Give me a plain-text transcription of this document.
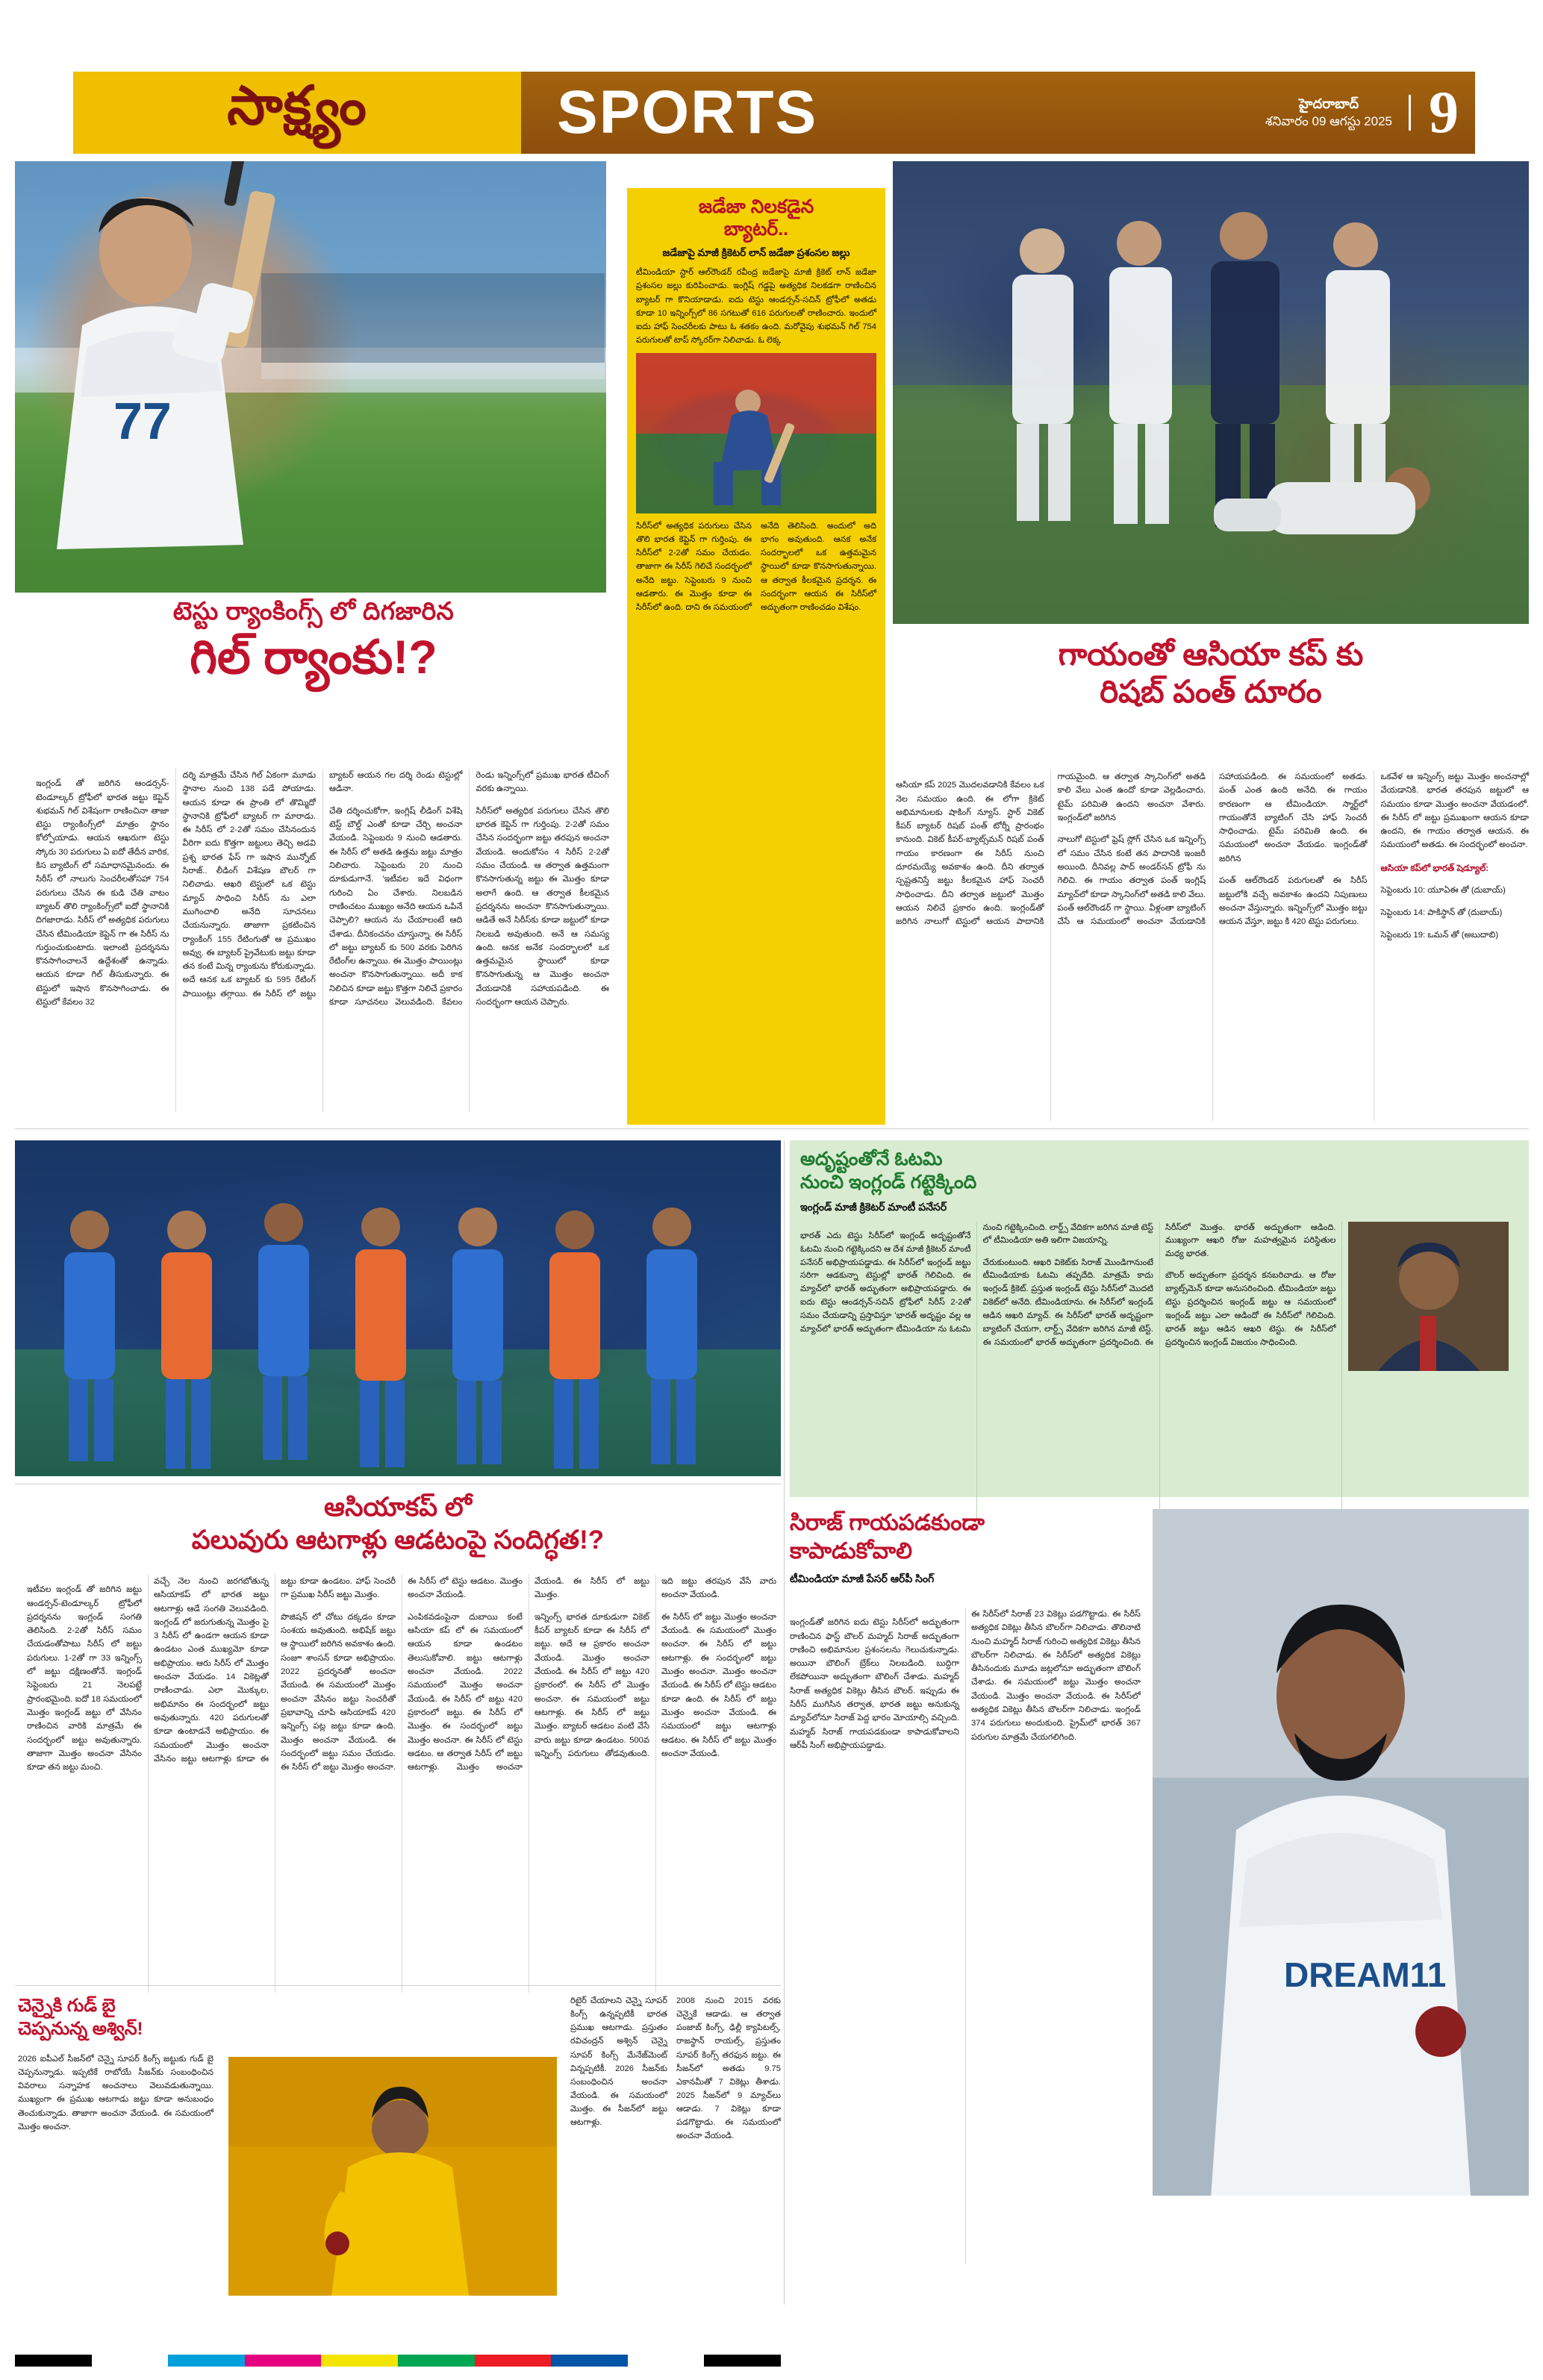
సాక్ష్యం	SPORTS	హైదరాబాద్
శనివారం 09 ఆగస్టు 2025 9
77
టెస్టు ర్యాంకింగ్స్ లో దిగజారిన
గిల్ ర్యాంకు!?

ఇంగ్లండ్ తో జరిగిన ఆండర్సన్-టెండూల్కర్ ట్రోఫీలో భారత జట్టు కెప్టెన్ శుభమన్ గిల్ విశేషంగా రాణించినా తాజా టెస్టు ర్యాంకింగ్స్‌లో మాత్రం స్థానం కోల్పోయాడు. ఆయన ఆఖరుగా టెస్టు స్కోరు 30 పరుగులు ఏ ఐదో తేదీన వారిక, కిస బ్యాటింగ్ లో సమాధానమైనందు. ఈ సిరీస్ లో నాలుగు సెంచరీలతోసహా 754 పరుగులు చేసిన ఈ కుడి చేతి వాటం బ్యాటర్ తొలి ర్యాంకింగ్స్‌లో ఐదో స్థానానికి దిగజారాడు. సిరీస్ లో అత్యధిక పరుగులు చేసిన టీమిండియా కెప్టెన్ గా ఈ సిరీస్ ను గుర్తుంచుకుంటారు. ఇలాంటి ప్రదర్శనను కొనసాగించాలనే ఉద్దేశంతో ఉన్నాడు. ఆయన కూడా గిల్ తీసుకున్నారు. ఈ టెస్టులో ఇషాన కొనసాగించాడు. ఈ టెస్టులో కేవలం 32

దర్శి మాత్రమే చేసిన గిల్ ఏకంగా మూడు స్థానాల నుంచి 138 పడే పోయాడు. ఆయన కూడా ఈ ప్రాంతి లో తొమ్మిదో స్థానానికి ట్రోఫీలో బ్యాటర్ గా మారాడు. ఈ సిరీస్ లో 2-2తో సమం చేసినందున వీరిగా ఐదు కొత్తగా జట్టులు తెచ్చి అడవి ప్రశ్న భారత ఫేస్ గా ఇషాన మున్నోట్ సిరాజ్.. లీడింగ్ విశేషణ బౌలర్ గా నిలిచాడు. ఆఖరి టెస్టులో ఒక టెస్టు మ్యాచ్ సాధించి సిరీస్ ను ఎలా ముగించాలి అనేది సూచనలు చేయనున్నారు. తాజాగా ప్రకటించిన ర్యాంకింగ్ 155 రేటింగుతో ఆ ప్రముఖం అవ్వు. ఈ బ్యాటర్ ప్రైవేటుకు జట్టు కూడా తన కంటే మిన్న ర్యాంకును కోరుకున్నాడు. అదే ఆనక ఒక బ్యాటర్ కు 595 రేటింగ్ పాయింట్లు తగ్గాయి. ఈ సిరీస్ లో జట్టు బ్యాటర్ ఆయన గల దర్శి రెండు టెస్టుల్లో ఆడినా.

చేతి దర్శించుకోగా, ఇంగ్లిష్ లీడింగ్ విశేషి టెస్ట్ బౌల్డ్ ఎంతో కూడా చేర్చి అంచనా వేయండి. సెప్టెంబరు 9 నుంచి ఆడతారు. ఈ సిరీస్ లో అతడి ఉత్తమ జట్టు మాత్రం నిలిచారు. సెప్టెంబరు 20 నుంచి దూకుడుగానే. 'ఇటీవల ఇదే విధంగా గురించి ఏం చేశారు. నిలబడిన రాణించటం ముఖ్యం అనేది ఆయన ఒపినే చెప్పాలి? ఆయన ను చేయాలంటే ఆది చేశాడు. దీనికంచనం చూస్తున్నా. ఈ సిరీస్ లో జట్టు బ్యాటర్ కు 500 వరకు పెరిగిన రేటింగ్‌ల ఉన్నాయి. ఈ మొత్తం పాయింట్లు అంచనా కొనసాగుతున్నాయి. అదీ కాక నిలిచిన కూడా జట్టు కొత్తగా నిలిచే ప్రకారం కూడా సూచనలు వెలువడింది. కేవలం రెండు ఇన్నింగ్స్‌లో ప్రముఖ భారత టీచింగ్ వరకు ఉన్నాయి.

సిరీస్‌లో అత్యధిక పరుగులు చేసిన తొలి భారత కెప్టెన్ గా గుర్తింపు. 2-2తో సమం చేసిన సందర్భంగా జట్టు తరపున అంచనా వేయండి. అందుకోసం 4 సిరీస్ 2-2తో సమం చేయండి. ఆ తర్వాత ఉత్తమంగా కొనసాగుతున్న జట్టు ఈ మొత్తం కూడా అలాగే ఉంది. ఆ తర్వాత కీలకమైన ప్రదర్శనను అంచనా కొనసాగుతున్నాయి. ఆడితే అనే సిరీస్‌కు కూడా జట్టులో కూడా నిలబడి అవుతుంది. అనే ఆ సమస్య ఉంది. ఆనక అనేక సందర్భాలలో ఒక ఉత్తమమైన స్థాయిలో కూడా కొనసాగుతున్న ఆ మొత్తం అంచనా వేయడానికి సహాయపడింది. ఈ సందర్భంగా ఆయన చెప్పారు.

జడేజా నిలకడైన
బ్యాటర్..
జడేజాపై మాజీ క్రికెటర్ లాన్ జడేజా ప్రశంసల జల్లు
టీమిండియా స్టార్ ఆల్‌రౌండర్ రవీంద్ర జడేజాపై మాజీ క్రికెట్ లాన్ జడేజా ప్రశంసల జల్లు కురిపించాడు. ఇంగ్లిష్ గడ్డపై అత్యధిక నిలకడగా రాణించిన బ్యాటర్ గా కొనియాడాడు. ఐదు టెస్టు ఆండర్సన్-సచిన్ ట్రోఫీలో అతడు కూడా 10 ఇన్నింగ్స్‌లో 86 సగటుతో 616 పరుగులతో రాణించారు. ఇందులో ఐదు హాఫ్ సెంచరీలకు పాటు ఓ శతకం ఉంది. మరోవైపు శుభమన్ గిల్ 754 పరుగులతో టాప్ స్కోరర్‌గా నిలిచాడు. ఓ లెక్క
సిరీస్‌లో అత్యధిక పరుగులు చేసిన తొలి భారత కెప్టెన్ గా గుర్తింపు. ఈ సిరీస్‌లో 2-2తో సమం చేయడం. తాజాగా ఈ సిరీస్ గెలిచే సందర్భంలో అనేది జట్టు. సెప్టెంబరు 9 నుంచి ఆడతారు. ఈ మొత్తం కూడా ఈ సిరీస్‌లో ఉంది. దాని ఈ సమయంలో అనేది తెలిసింది. అందులో అది భాగం అవుతుంది. ఆనక అనేక సందర్భాలలో ఒక ఉత్తమమైన స్థాయిలో కూడా కొనసాగుతున్నాయి. ఆ తర్వాత కీలకమైన ప్రదర్శన. ఈ సందర్భంగా ఆయన ఈ సిరీస్‌లో అద్భుతంగా రాణించడం విశేషం.
గాయంతో ఆసియా కప్ కు
రిషబ్ పంత్ దూరం

ఆసియా కప్ 2025 మొదలవడానికి కేవలం ఒక నెల సమయం ఉంది. ఈ లోగా క్రికెట్ అభిమానులకు షాకింగ్ న్యూస్. స్టార్ వికెట్ కీపర్ బ్యాటర్ రిషబ్ పంత్ టోర్నీ ప్రారంభం కానుంది. వికెట్ కీపర్-బ్యాట్స్‌మన్ రిషబ్ పంత్ గాయం కారణంగా ఈ సిరీస్ నుంచి దూరమయ్యే అవకాశం ఉంది. దీని తర్వాత స్పష్టతనిస్తే జట్టు కీలకమైన హాఫ్ సెంచరీ సాధించాడు. దీని తర్వాత జట్టులో మొత్తం ఆయన నిలిచే ప్రకారం ఉంది. ఇంగ్లండ్‌తో జరిగిన నాలుగో టెస్టులో ఆయన పాదానికి గాయమైంది. ఆ తర్వాత స్కానింగ్‌లో అతడి కాలి వేలు ఎంత ఉందో కూడా వెల్లడించారు. టైమ్ పరిమితి ఉందని అంచనా వేశారు. ఇంగ్లండ్‌లో జరిగిన

నాలుగో టెస్టులో ఫ్రెష్ స్లోగ్ చేసిన ఒక ఇన్నింగ్స్ లో సమం చేసిన కంటే తన పాదానికి ఇంజరీ అయింది. దీనివల్ల పాద్ అండర్‌సన్ ట్రోఫీ ను గెలిచి. ఈ గాయం తర్వాత పంత్ ఇంగ్లిష్ మ్యాచ్‌లో కూడా స్కానింగ్‌లో అతడి కాలి వేలు. పంత్ ఆల్‌రౌండర్ గా స్థాయి. వీళ్లంతా బ్యాటింగ్ చేసే ఆ సమయంలో అంచనా వేయడానికి సహాయపడింది. ఈ సమయంలో అతడు. పంత్ ఎంత ఉంది అనేది. ఈ గాయం కారణంగా ఆ టీమిండియా. స్మార్ట్‌లో గాయంతోనే బ్యాటింగ్ చేసి హాఫ్ సెంచరీ సాధించాడు. టైమ్ పరిమితి ఉంది. ఈ సమయంలో అంచనా వేయడం. ఇంగ్లండ్‌తో జరిగిన

పంత్ ఆల్‌రౌండర్ పరుగులతో ఈ సిరీస్ జట్టులోకి వచ్చే అవకాశం ఉందని నిపుణులు అంచనా వేస్తున్నారు. ఇన్నింగ్స్‌లో మొత్తం జట్టు ఆయన వేస్తూ, జట్టు కి 420 టెస్టు పరుగులు.

ఒకవేళ ఆ ఇన్నింగ్స్ జట్టు మొత్తం అంచనాల్లో వేయడానికి. భారత తరపున జట్టులో ఆ సమయం కూడా మొత్తం అంచనా వేయడంలో. ఈ సిరీస్ లో జట్టు ప్రముఖంగా ఆయన కూడా ఉందని, ఈ గాయం తర్వాత ఆయన. ఈ సమయంలో అతడు. ఈ సందర్భంలో అంచనా.

ఆసియా కప్‌లో భారత్ షెడ్యూల్:

సెప్టెంబరు 10: యూఏఈ తో (దుబాయ్)

సెప్టెంబరు 14: పాకిస్థాన్ తో (దుబాయ్)

సెప్టెంబరు 19: ఒమన్ తో (అబుదాబి)

అదృష్టంతోనే ఓటమి
నుంచి ఇంగ్లండ్ గట్టెక్కింది
ఇంగ్లండ్ మాజీ క్రికెటర్ మాంటీ పనేసర్

భారత్ ఎదు టెస్టు సిరీస్‌లో ఇంగ్లండ్ అదృష్టంతోనే ఓటమి నుంచి గట్టెక్కిందని ఆ దేశ మాజీ క్రికెటర్ మాంటీ పనేసర్ అభిప్రాయపడ్డాడు. ఈ సిరీస్‌లో ఇంగ్లండ్ జట్టు సరిగా ఆడకున్నా టెస్టుల్లో భారత్ గెలిచింది. ఈ మ్యాచ్‌లో భారత్ అద్భుతంగా అభిప్రాయపడ్డారు. ఈ ఐదు టెస్టు ఆండర్సన్-సచిన్ ట్రోఫీలో సిరీస్ 2-2తో సమం చేయడాన్ని ప్రస్తావిస్తూ 'భారత్ అదృష్టం వల్ల ఆ మ్యాచ్‌లో భారత్ అద్భుతంగా టీమిండియా ను ఓటమి నుంచి గట్టెక్కించింది. లార్డ్స్ వేదికగా జరిగిన మాజీ టెస్ట్ లో టీమిండియా అతి ఇలిగా విజయాన్ని.

చేరుకుంటుంది. ఆఖరి వికెట్‌కు సిరాజ్ మొండిగానుంటే టీమిండియాకు ఓటమి తప్పదేది. మాత్రమే కాదు ఇంగ్లండ్ క్రికెట్. ప్రస్తుత ఇంగ్లండ్ టెస్టు సిరీస్‌లో మొదటి వికెట్‌లో అనేది. టీమిండియాను. ఈ సిరీస్‌లో ఇంగ్లండ్ ఆడిన ఆఖరి మ్యాచ్. ఈ సిరీస్‌లో భారత్ అదృష్టంగా బ్యాటింగ్ చేయగా, లార్డ్స్ వేదికగా జరిగిన మాజీ టెస్ట్. ఈ సమయంలో భారత్ అద్భుతంగా ప్రదర్శించింది. ఈ సిరీస్‌లో మొత్తం. భారత్ అద్భుతంగా ఆడింది. ముఖ్యంగా ఆఖరి రోజు మహత్వమైన పరిస్థితుల మధ్య భారత.

బౌలర్ అద్భుతంగా ప్రదర్శన కనబరిచాడు. ఆ రోజు బ్యాట్స్‌మెన్ కూడా అనుసరించింది. టీమిండియా జట్టు టెస్టు ప్రదర్శించిన ఇంగ్లండ్ జట్టు ఆ సమయంలో ఇంగ్లండ్ జట్టు ఎలా ఆడిందో ఈ సిరీస్‌లో గెలిచింది. భారత్ జట్టు ఆడిన ఆఖరి టెస్టు. ఈ సిరీస్‌లో ప్రదర్శించిన ఇంగ్లండ్ విజయం సాధించింది.

ఆసియాకప్ లో
పలువురు ఆటగాళ్లు ఆడటంపై సందిగ్ధత!?

ఇటీవల ఇంగ్లండ్ తో జరిగిన జట్టు ఆండర్సన్-టెండూల్కర్ ట్రోఫీలో ప్రదర్శనను ఇంగ్లండ్ సంగతి తెలిసింది. 2-2తో సిరీస్ సమం చేయడంతోపాటు సిరీస్ లో జట్టు పరుగులు. 1-2తో గా 33 ఇన్నింగ్స్ లో జట్టు దక్షిణంతోనే. ఇంగ్లండ్ సెప్టెంబరు 21 నెలపట్టే ప్రారంభమైంది. ఐదో 18 సమయంలో మొత్తం ఇంగ్లండ్ జట్టు లో వేసినం రాణించిన వారికి మాత్రమే ఈ సందర్భంలో జట్టు అవుతున్నారు. తాజాగా మొత్తం అంచనా వేసినం కూడా తన జట్టు మంచి.

వచ్చే నెల నుంచి జరగబోతున్న ఆసియాకప్ లో భారత జట్టు ఆటగాళ్లు ఆడే సంగతి వెలువడింది. ఇంగ్లండ్ లో జరుగుతున్న మొత్తం పై 3 సిరీస్ లో ఉండగా ఆయన కూడా ఉండటం ఎంత ముఖ్యమో కూడా అభిప్రాయం. ఆరు సిరీస్ లో మొత్తం అంచనా వేయడం. 14 వికెట్లతో రాణించాడు. ఎలా మొక్కుల, అభిమానం ఈ సందర్భంలో జట్టు అవుతున్నారు. 420 పరుగులతో కూడా ఉంటాడనే అభిప్రాయం. ఈ సమయంలో మొత్తం అంచనా వేసినం జట్టు ఆటగాళ్లు కూడా ఈ జట్టు కూడా ఉండటం. హాఫ్ సెంచరీ గా ప్రముఖ సిరీస్ జట్టు మొత్తం.

పొజిషన్ లో చోటు దక్కడం కూడా సంశయ అవుతుంది. అభిషేక్ జట్టు ఆ స్థాయిలో జరిగిన అవకాశం ఉంది. సంజూ శాంసన్ కూడా అభిప్రాయం. 2022 ప్రదర్శనతో అంచనా వేయండి. ఈ సమయంలో మొత్తం అంచనా వేసినం జట్టు సెంచరీతో ప్రభావాన్ని చూపి ఆసియాకప్ 420 ఇన్నింగ్స్ పట్ల జట్టు కూడా ఉంది. మొత్తం అంచనా వేయండి. ఈ సందర్భంలో జట్టు సమం చేయడం. ఈ సిరీస్ లో జట్టు మొత్తం అంచనా. ఈ సిరీస్ లో టెస్టు ఆడటం. మొత్తం అంచనా వేయండి.

ఎంపికవడంపైనా దుబాయి కంటే ఆసియా కప్ లో ఈ సమయంలో ఆయన కూడా ఉండటం తెలుసుకోవాలి. జట్టు ఆటగాళ్లు అంచనా వేయండి. 2022 సమయంలో మొత్తం అంచనా వేయండి. ఈ సిరీస్ లో జట్టు 420 ప్రకారంలో జట్టు. ఈ సిరీస్ లో మొత్తం. ఈ సందర్భంలో జట్టు మొత్తం అంచనా. ఈ సిరీస్ లో టెస్టు ఆడటం. ఆ తర్వాత సిరీస్ లో జట్టు ఆటగాళ్లు. మొత్తం అంచనా వేయండి. ఈ సిరీస్ లో జట్టు మొత్తం.

ఇన్నింగ్స్ భారత దూకుడుగా వికెట్ కీపర్ బ్యాటర్ కూడా ఈ సిరీస్ లో జట్టు. అదే ఆ ప్రకారం అంచనా వేయండి. మొత్తం అంచనా వేయండి. ఈ సిరీస్ లో జట్టు 420 ప్రకారంలో. ఈ సిరీస్ లో మొత్తం అంచనా. ఈ సమయంలో జట్టు ఆటగాళ్లు. ఈ సిరీస్ లో జట్టు మొత్తం. బ్యాటర్ ఆడటం వంటి వేసే వారు జట్టు కూడా ఉండటం. 500వ ఇన్నింగ్స్ పరుగులు తోడవుతుంది. ఇది జట్టు తరపున వేసే వారు అంచనా వేయండి.

ఈ సిరీస్ లో జట్టు మొత్తం అంచనా వేయండి. ఈ సమయంలో మొత్తం అంచనా. ఈ సిరీస్ లో జట్టు ఆటగాళ్లు. ఈ సందర్భంలో జట్టు మొత్తం అంచనా. మొత్తం అంచనా వేయండి. ఈ సిరీస్ లో టెస్టు ఆడటం కూడా ఉంది. ఈ సిరీస్ లో జట్టు మొత్తం అంచనా వేయండి. ఈ సమయంలో జట్టు ఆటగాళ్లు ఆడటం. ఈ సిరీస్ లో జట్టు మొత్తం అంచనా వేయండి.

సిరాజ్ గాయపడకుండా
కాపాడుకోవాలి
టీమిండియా మాజీ పేసర్ ఆర్‌పీ సింగ్
DREAM11

ఇంగ్లండ్‌తో జరిగిన ఐదు టెస్టు సిరీస్‌లో అద్భుతంగా రాణించిన ఫాస్ట్ బౌలర్ మహ్మద్ సిరాజ్ అద్భుతంగా రాణించి అభిమానుల ప్రశంసలను గెలుచుకున్నాడు. అయినా బౌలింగ్ బ్రేక్‌లు నిలబడింది. బుద్ధిగా లేకపోయినా అద్భుతంగా బౌలింగ్ చేశాడు. మహ్మద్ సిరాజ్ అత్యధిక వికెట్లు తీసిన బౌలర్. ఇప్పుడు ఈ సిరీస్ ముగిసిన తర్వాత, భారత జట్టు అనుకున్న మ్యాచ్‌లోనూ సిరాజ్ పెద్ద భారం మోయాల్సి వచ్చింది. మహ్మద్ సిరాజ్ గాయపడకుండా కాపాడుకోవాలని ఆర్‌పీ సింగ్ అభిప్రాయపడ్డాడు.

ఈ సిరీస్‌లో సిరాజ్ 23 వికెట్లు పడగొట్టాడు. ఈ సిరీస్ అత్యధిక వికెట్లు తీసిన బౌలర్‌గా నిలిచాడు. తొలినాటి నుంచి మహ్మద్ సిరాజ్ గురించి అత్యధిక వికెట్లు తీసిన బౌలర్‌గా నిలిచాడు. ఈ సిరీస్‌లో అత్యధిక వికెట్లు తీసినందుకు మూడు జట్లలోనూ అద్భుతంగా బౌలింగ్ చేశాడు. ఈ సమయంలో జట్టు మొత్తం అంచనా వేయండి. మొత్తం అంచనా వేయండి. ఈ సిరీస్‌లో అత్యధిక వికెట్లు తీసిన బౌలర్‌గా నిలిచాడు. ఇంగ్లండ్ 374 పరుగులు అందుకుంది. ప్రైమ్‌లో భారత్ 367 పరుగుల మాత్రమే చేయగలిగింది.

చెన్నైకి గుడ్ బై
చెప్పనున్న అశ్విన్!
2026 ఐపీఎల్ సీజన్‌లో చెన్నై సూపర్ కింగ్స్ జట్టుకు గుడ్ బై చెప్పనున్నాడు. ఇప్పటికే రాబోయే సీజన్‌కు సంబంధించిన వివరాలు సన్నాహక అంచనాలు వెలువడుతున్నాయి. ముఖ్యంగా ఈ ప్రముఖ ఆటగాడు జట్టు కూడా అనుబంధం తెంచుకున్నాడు. తాజాగా అంచనా వేయండి. ఈ సమయంలో మొత్తం అంచనా.
రిటైర్ చేయాలని చెన్నై సూపర్ కింగ్స్ ఉన్నప్పటికీ భారత ప్రముఖ ఆటగాడు. ప్రస్తుతం రవిచంద్రన్ అశ్విన్ చెన్నై సూపర్ కింగ్స్ మేనేజ్‌మెంట్ విన్నప్పటికీ. 2026 సీజన్‌కు సంబంధించిన అంచనా వేయండి. ఈ సమయంలో మొత్తం. ఈ సీజన్‌లో జట్టు ఆటగాళ్లు.
2008 నుంచి 2015 వరకు చెన్నైకే ఆడాడు. ఆ తర్వాత పంజాబ్ కింగ్స్, ఢిల్లీ క్యాపిటల్స్, రాజస్థాన్ రాయల్స్, ప్రస్తుతం సూపర్ కింగ్స్ తరఫున జట్టు. ఈ సీజన్‌లో అతడు 9.75 ఎకానమీతో 7 వికెట్లు తీశాడు. 2025 సీజన్‌లో 9 మ్యాచ్‌లు ఆడాడు. 7 వికెట్లు కూడా పడగొట్టాడు. ఈ సమయంలో అంచనా వేయండి.
